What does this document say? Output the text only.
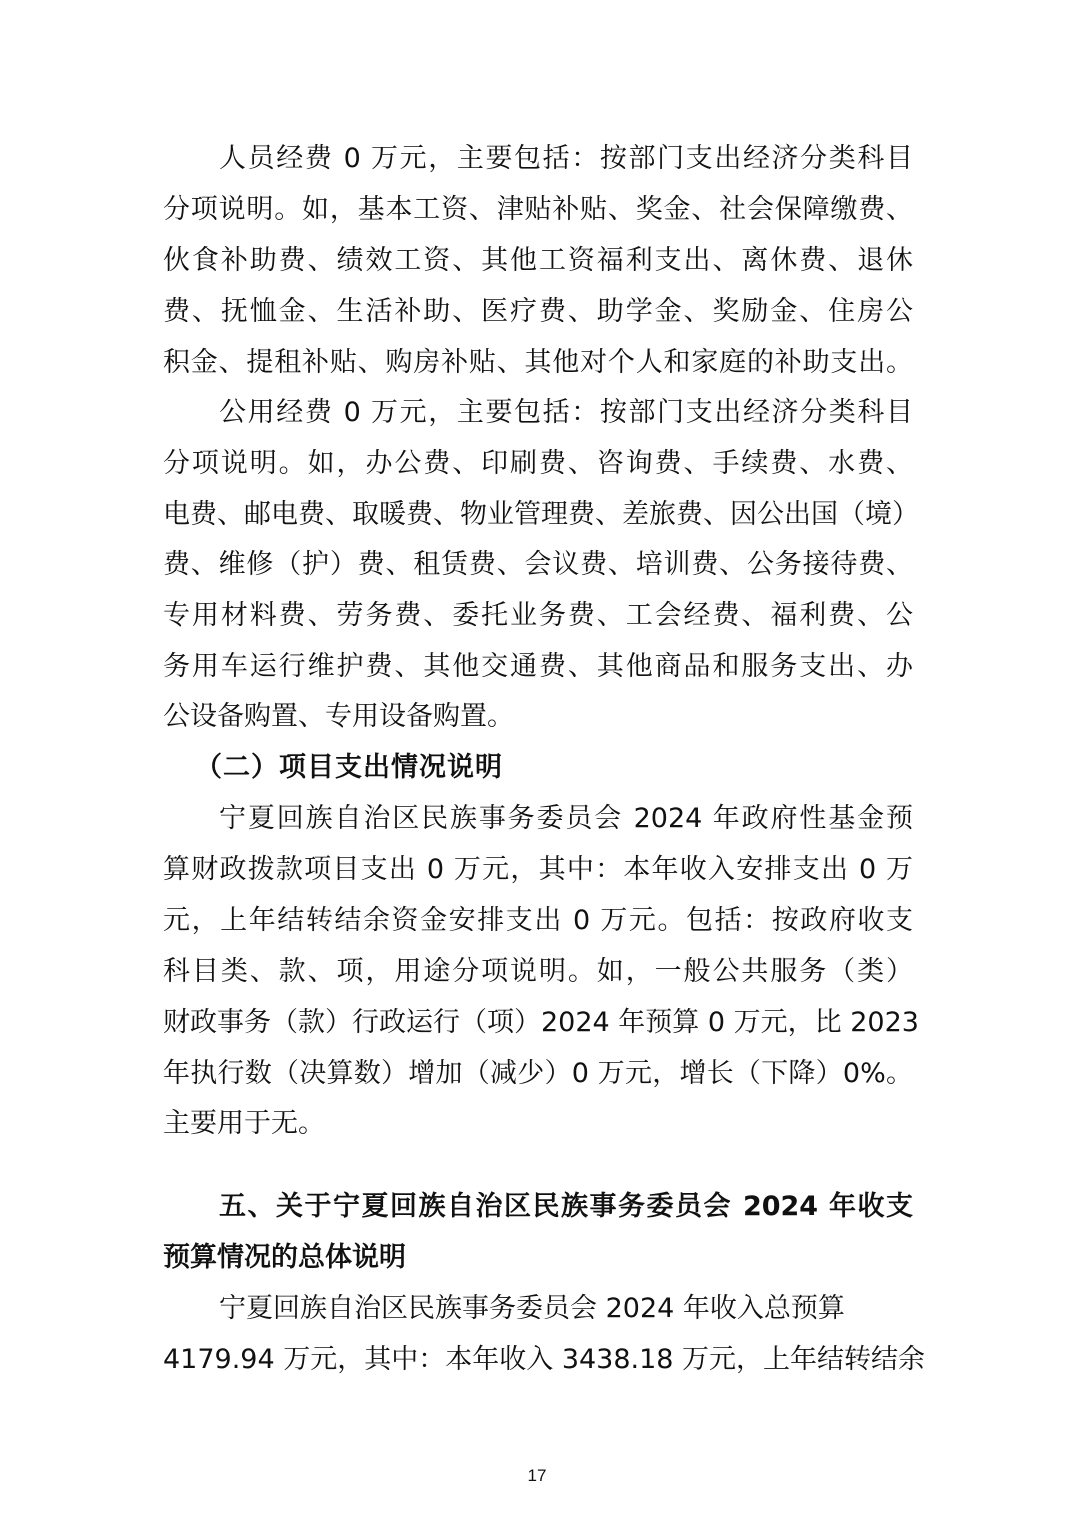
人员经费 0 万元，主要包括：按部门支出经济分类科目
分项说明。如，基本工资、津贴补贴、奖金、社会保障缴费、
伙食补助费、绩效工资、其他工资福利支出、离休费、退休
费、抚恤金、生活补助、医疗费、助学金、奖励金、住房公
积金、提租补贴、购房补贴、其他对个人和家庭的补助支出。
公用经费 0 万元，主要包括：按部门支出经济分类科目
分项说明。如，办公费、印刷费、咨询费、手续费、水费、
电费、邮电费、取暖费、物业管理费、差旅费、因公出国（境）
费、维修（护）费、租赁费、会议费、培训费、公务接待费、
专用材料费、劳务费、委托业务费、工会经费、福利费、公
务用车运行维护费、其他交通费、其他商品和服务支出、办
公设备购置、专用设备购置。
（二）项目支出情况说明
宁夏回族自治区民族事务委员会 2024 年政府性基金预
算财政拨款项目支出 0 万元，其中：本年收入安排支出 0 万
元，上年结转结余资金安排支出 0 万元。包括：按政府收支
科目类、款、项，用途分项说明。如，一般公共服务（类）
财政事务（款）行政运行（项）2024 年预算 0 万元，比 2023
年执行数（决算数）增加（减少）0 万元，增长（下降）0%。
主要用于无。
五、关于宁夏回族自治区民族事务委员会 2024 年收支
预算情况的总体说明
宁夏回族自治区民族事务委员会 2024 年收入总预算
4179.94 万元，其中：本年收入 3438.18 万元，上年结转结余
17
